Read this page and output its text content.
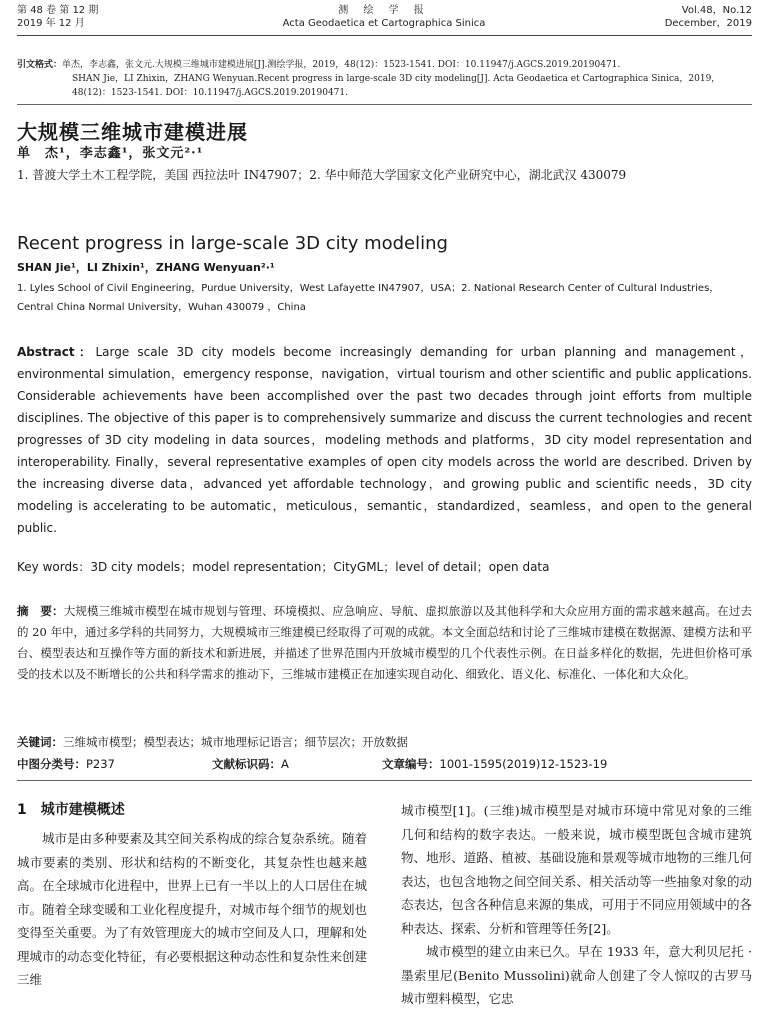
第 48 卷 第 12 期
2019 年 12 月
测 绘 学 报
Acta Geodaetica et Cartographica Sinica
Vol.48，No.12
December，2019
引文格式：单杰，李志鑫，张文元.大规模三维城市建模进展[J].测绘学报，2019，48(12)：1523-1541. DOI：10.11947/j.AGCS.2019.20190471.
SHAN Jie，LI Zhixin，ZHANG Wenyuan.Recent progress in large-scale 3D city modeling[J]. Acta Geodaetica et Cartographica Sinica，2019，48(12)：1523-1541. DOI：10.11947/j.AGCS.2019.20190471.
大规模三维城市建模进展
单　杰¹，李志鑫¹，张文元²·¹
1. 普渡大学土木工程学院，美国 西拉法叶 IN47907；2. 华中师范大学国家文化产业研究中心，湖北武汉 430079
Recent progress in large-scale 3D city modeling
SHAN Jie¹，LI Zhixin¹，ZHANG Wenyuan²·¹
1. Lyles School of Civil Engineering，Purdue University，West Lafayette IN47907，USA；2. National Research Center of Cultural Industries，Central China Normal University，Wuhan 430079 ，China
Abstract：Large scale 3D city models become increasingly demanding for urban planning and management，environmental simulation，emergency response，navigation，virtual tourism and other scientific and public applications. Considerable achievements have been accomplished over the past two decades through joint efforts from multiple disciplines. The objective of this paper is to comprehensively summarize and discuss the current technologies and recent progresses of 3D city modeling in data sources，modeling methods and platforms，3D city model representation and interoperability. Finally，several representative examples of open city models across the world are described. Driven by the increasing diverse data，advanced yet affordable technology，and growing public and scientific needs，3D city modeling is accelerating to be automatic，meticulous，semantic，standardized，seamless，and open to the general public.
Key words：3D city models；model representation；CityGML；level of detail；open data
摘　要：大规模三维城市模型在城市规划与管理、环境模拟、应急响应、导航、虚拟旅游以及其他科学和大众应用方面的需求越来越高。在过去的 20 年中，通过多学科的共同努力，大规模城市三维建模已经取得了可观的成就。本文全面总结和讨论了三维城市建模在数据源、建模方法和平台、模型表达和互操作等方面的新技术和新进展，并描述了世界范围内开放城市模型的几个代表性示例。在日益多样化的数据，先进但价格可承受的技术以及不断增长的公共和科学需求的推动下，三维城市建模正在加速实现自动化、细致化、语义化、标准化、一体化和大众化。
关键词：三维城市模型；模型表达；城市地理标记语言；细节层次；开放数据
中图分类号：P237	文献标识码：A	文章编号：1001-1595(2019)12-1523-19
1　城市建模概述

城市是由多种要素及其空间关系构成的综合复杂系统。随着城市要素的类别、形状和结构的不断变化，其复杂性也越来越高。在全球城市化进程中，世界上已有一半以上的人口居住在城市。随着全球变暖和工业化程度提升，对城市每个细节的规划也变得至关重要。为了有效管理庞大的城市空间及人口，理解和处理城市的动态变化特征，有必要根据这种动态性和复杂性来创建三维

城市模型[1]。(三维)城市模型是对城市环境中常见对象的三维几何和结构的数字表达。一般来说，城市模型既包含城市建筑物、地形、道路、植被、基础设施和景观等城市地物的三维几何表达，也包含地物之间空间关系、相关活动等一些抽象对象的动态表达，包含各种信息来源的集成，可用于不同应用领域中的各种表达、探索、分析和管理等任务[2]。

城市模型的建立由来已久。早在 1933 年，意大利贝尼托 · 墨索里尼(Benito Mussolini)就命人创建了令人惊叹的古罗马城市塑料模型，它忠
